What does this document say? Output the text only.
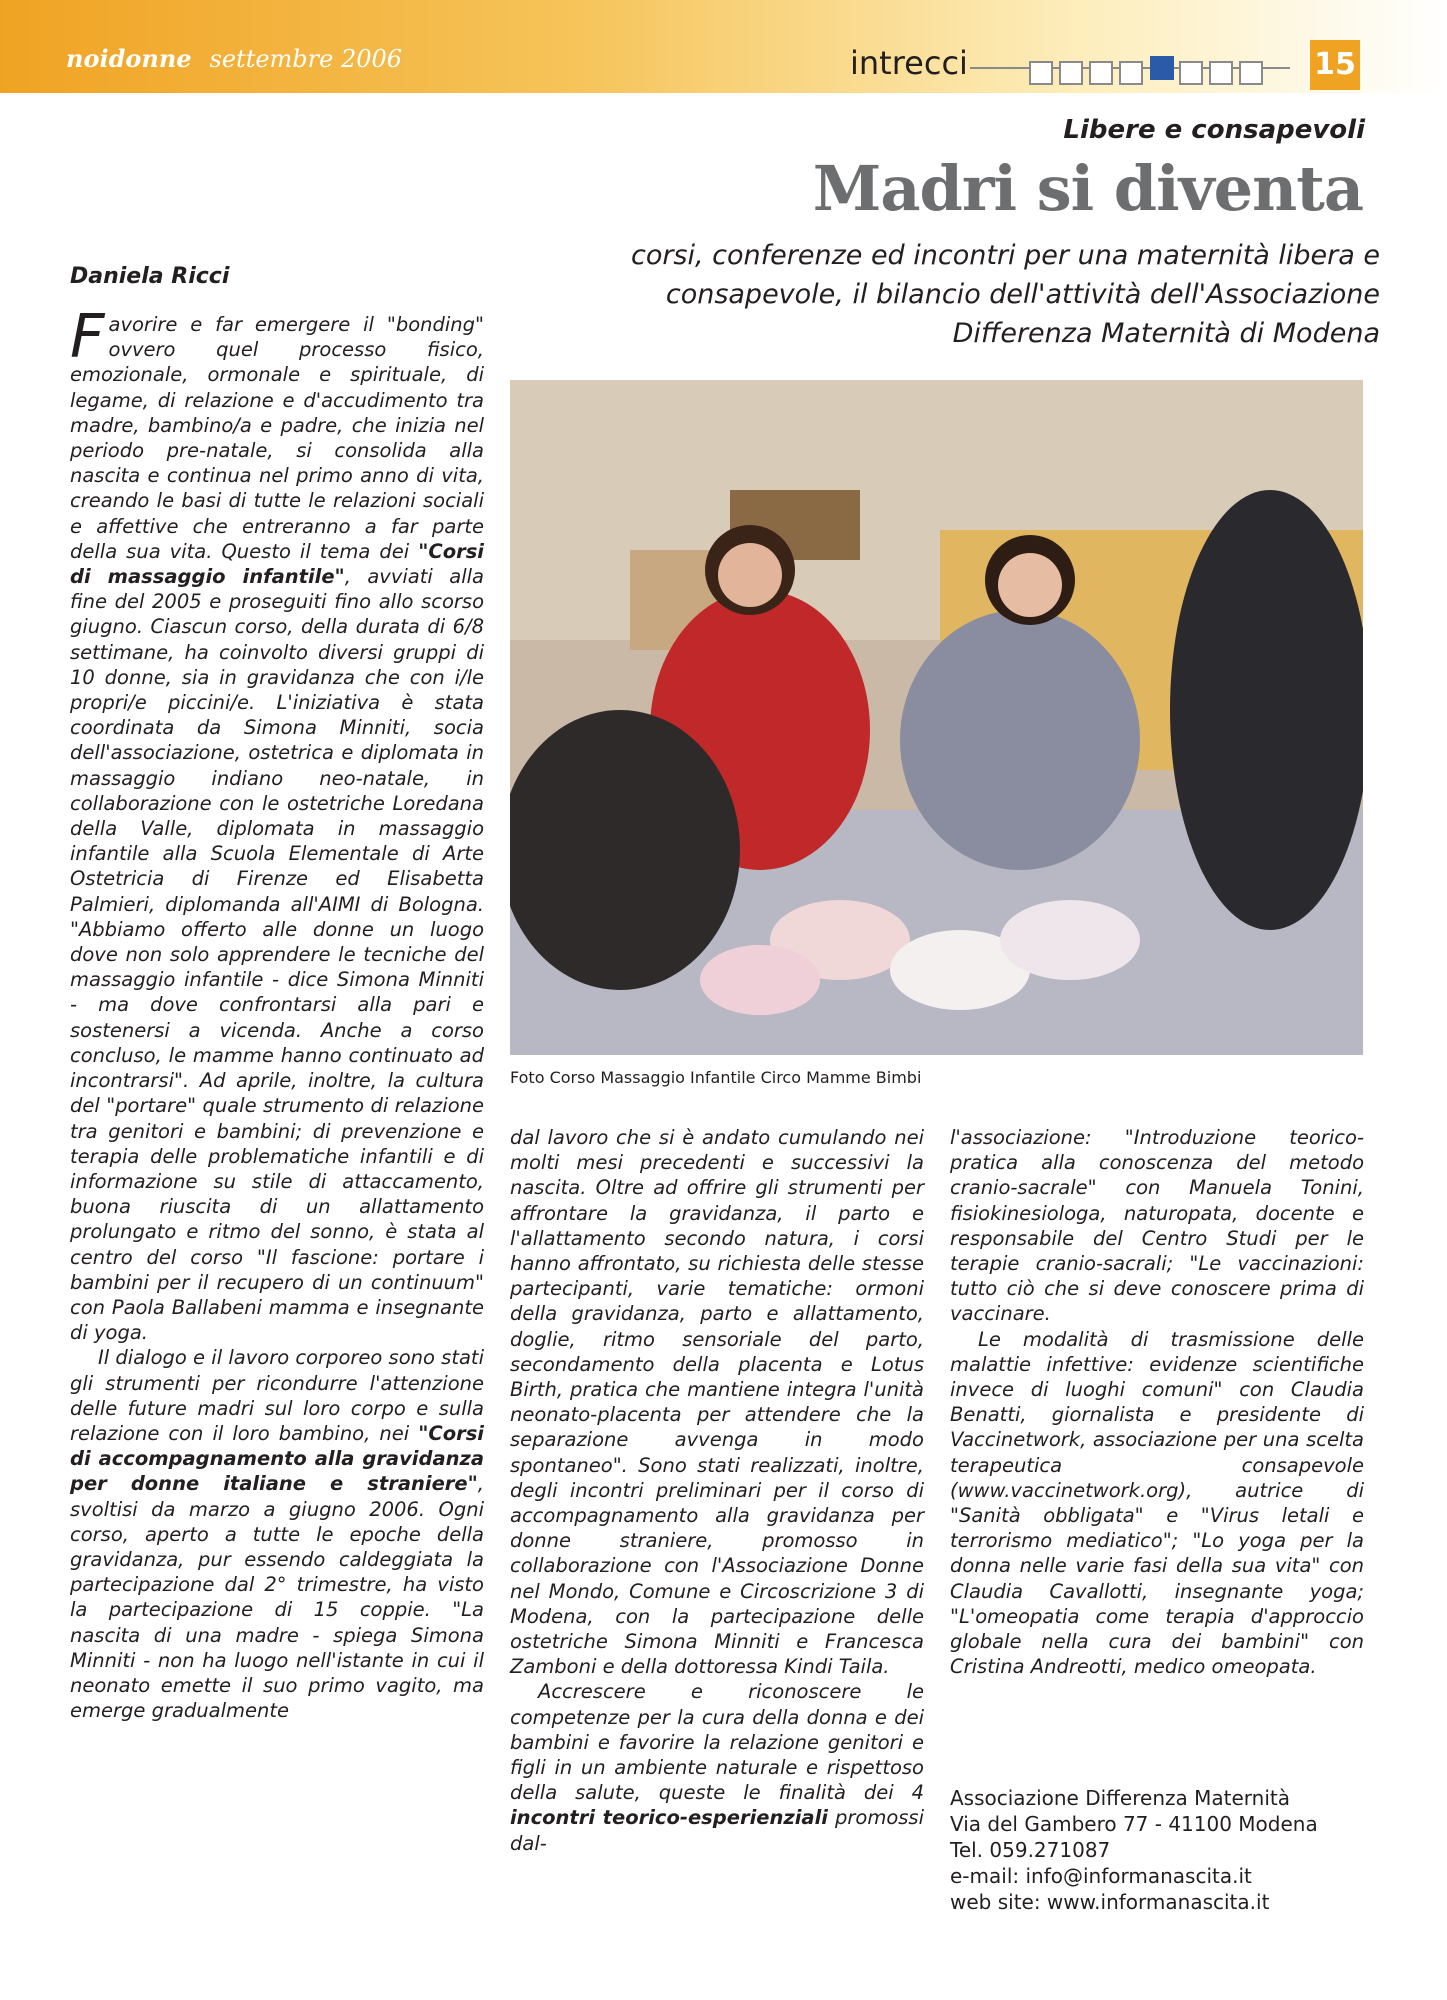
noidonne settembre 2006	intrecci	15
Libere e consapevoli
Madri si diventa
corsi, conferenze ed incontri per una maternità libera e consapevole, il bilancio dell'attività dell'Associazione Differenza Maternità di Modena
Daniela Ricci
Foto Corso Massaggio Infantile Circo Mamme Bimbi

Favorire e far emergere il "bonding" ovvero quel processo fisico, emozionale, ormonale e spirituale, di legame, di relazione e d'accudimento tra madre, bambino/a e padre, che inizia nel periodo pre-natale, si consolida alla nascita e continua nel primo anno di vita, creando le basi di tutte le relazioni sociali e affettive che entreranno a far parte della sua vita. Questo il tema dei "Corsi di massaggio infantile", avviati alla fine del 2005 e proseguiti fino allo scorso giugno. Ciascun corso, della durata di 6/8 settimane, ha coinvolto diversi gruppi di 10 donne, sia in gravidanza che con i/le propri/e piccini/e. L'iniziativa è stata coordinata da Simona Minniti, socia dell'associazione, ostetrica e diplomata in massaggio indiano neo-natale, in collaborazione con le ostetriche Loredana della Valle, diplomata in massaggio infantile alla Scuola Elementale di Arte Ostetricia di Firenze ed Elisabetta Palmieri, diplomanda all'AIMI di Bologna. "Abbiamo offerto alle donne un luogo dove non solo apprendere le tecniche del massaggio infantile - dice Simona Minniti - ma dove confrontarsi alla pari e sostenersi a vicenda. Anche a corso concluso, le mamme hanno continuato ad incontrarsi". Ad aprile, inoltre, la cultura del "portare" quale strumento di relazione tra genitori e bambini; di prevenzione e terapia delle problematiche infantili e di informazione su stile di attaccamento, buona riuscita di un allattamento prolungato e ritmo del sonno, è stata al centro del corso "Il fascione: portare i bambini per il recupero di un continuum" con Paola Ballabeni mamma e insegnante di yoga.

Il dialogo e il lavoro corporeo sono stati gli strumenti per ricondurre l'attenzione delle future madri sul loro corpo e sulla relazione con il loro bambino, nei "Corsi di accompagnamento alla gravidanza per donne italiane e straniere", svoltisi da marzo a giugno 2006. Ogni corso, aperto a tutte le epoche della gravidanza, pur essendo caldeggiata la partecipazione dal 2° trimestre, ha visto la partecipazione di 15 coppie. "La nascita di una madre - spiega Simona Minniti - non ha luogo nell'istante in cui il neonato emette il suo primo vagito, ma emerge gradualmente

dal lavoro che si è andato cumulando nei molti mesi precedenti e successivi la nascita. Oltre ad offrire gli strumenti per affrontare la gravidanza, il parto e l'allattamento secondo natura, i corsi hanno affrontato, su richiesta delle stesse partecipanti, varie tematiche: ormoni della gravidanza, parto e allattamento, doglie, ritmo sensoriale del parto, secondamento della placenta e Lotus Birth, pratica che mantiene integra l'unità neonato-placenta per attendere che la separazione avvenga in modo spontaneo". Sono stati realizzati, inoltre, degli incontri preliminari per il corso di accompagnamento alla gravidanza per donne straniere, promosso in collaborazione con l'Associazione Donne nel Mondo, Comune e Circoscrizione 3 di Modena, con la partecipazione delle ostetriche Simona Minniti e Francesca Zamboni e della dottoressa Kindi Taila.

Accrescere e riconoscere le competenze per la cura della donna e dei bambini e favorire la relazione genitori e figli in un ambiente naturale e rispettoso della salute, queste le finalità dei 4 incontri teorico-esperienziali promossi dal-

l'associazione: "Introduzione teorico-pratica alla conoscenza del metodo cranio-sacrale" con Manuela Tonini, fisiokinesiologa, naturopata, docente e responsabile del Centro Studi per le terapie cranio-sacrali; "Le vaccinazioni: tutto ciò che si deve conoscere prima di vaccinare.

Le modalità di trasmissione delle malattie infettive: evidenze scientifiche invece di luoghi comuni" con Claudia Benatti, giornalista e presidente di Vaccinetwork, associazione per una scelta terapeutica consapevole (www.vaccinetwork.org), autrice di "Sanità obbligata" e "Virus letali e terrorismo mediatico"; "Lo yoga per la donna nelle varie fasi della sua vita" con Claudia Cavallotti, insegnante yoga; "L'omeopatia come terapia d'approccio globale nella cura dei bambini" con Cristina Andreotti, medico omeopata.

Associazione Differenza Maternità
Via del Gambero 77 - 41100 Modena
Tel. 059.271087
e-mail: info@informanascita.it
web site: www.informanascita.it
